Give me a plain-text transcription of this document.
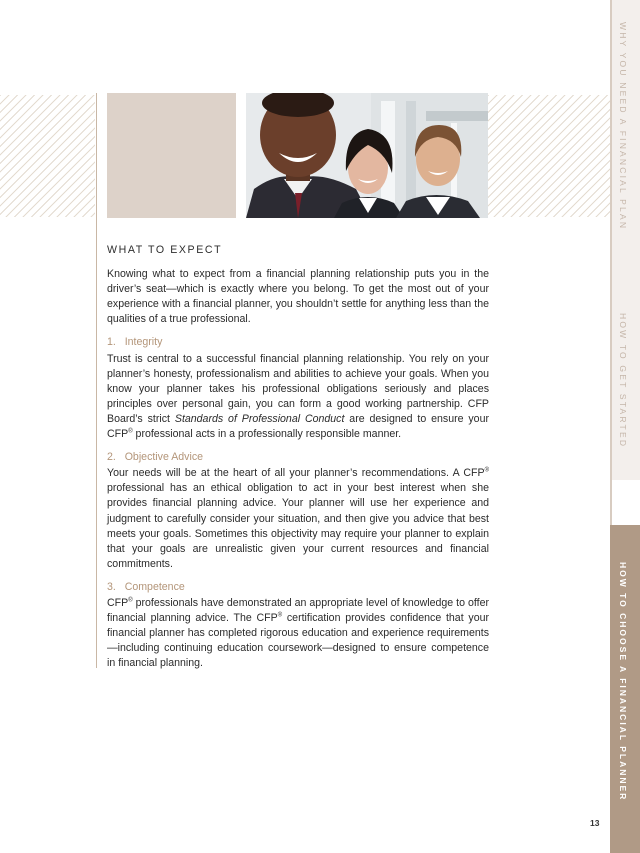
WHY YOU NEED A FINANCIAL PLAN
HOW TO GET STARTED
HOW TO CHOOSE A FINANCIAL PLANNER
WHAT TO EXPECT

Knowing what to expect from a financial planning relationship puts you in the driver’s seat—which is exactly where you belong. To get the most out of your experience with a financial planner, you shouldn’t settle for anything less than the qualities of a true professional.

1. Integrity

Trust is central to a successful financial planning relationship. You rely on your planner’s honesty, professionalism and abilities to achieve your goals. When you know your planner takes his professional obligations seriously and places principles over personal gain, you can form a good working partnership. CFP Board’s strict Standards of Professional Conduct are designed to ensure your CFP® professional acts in a professionally responsible manner.

2. Objective Advice

Your needs will be at the heart of all your planner’s recommendations. A CFP® professional has an ethical obligation to act in your best interest when she provides financial planning advice. Your planner will use her experience and judgment to carefully consider your situation, and then give you advice that best meets your goals. Sometimes this objectivity may require your planner to explain that your goals are unrealistic given your current resources and financial commitments.

3. Competence

CFP® professionals have demonstrated an appropriate level of knowledge to offer financial planning advice. The CFP® certification provides confidence that your financial planner has completed rigorous education and experience requirements—including continuing education coursework—designed to ensure competence in financial planning.

13
